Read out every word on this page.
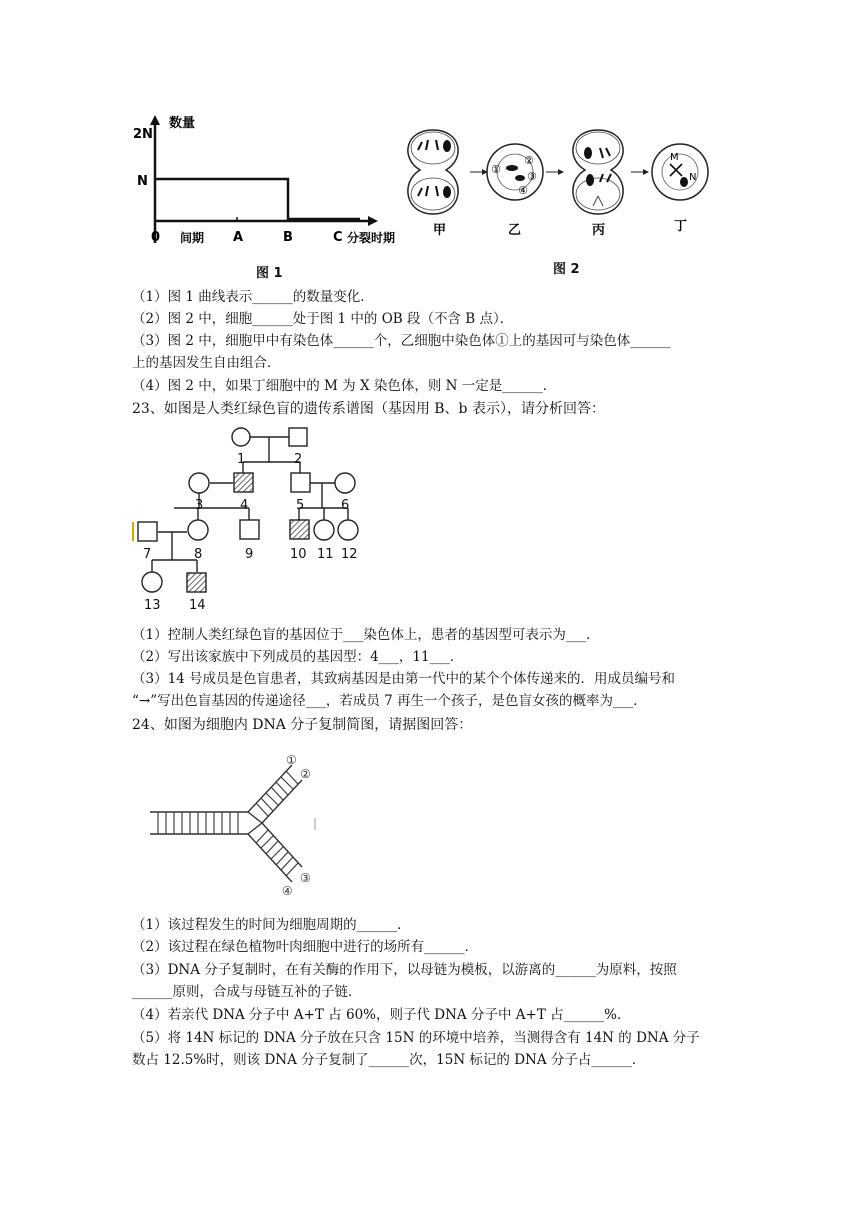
2N
N
数量
0 间期 A	B	C 分裂时期
图 1
①
②
③
④
M
N
甲	乙	丙	丁
图 2
（1）图 1 曲线表示______的数量变化．
（2）图 2 中，细胞______处于图 1 中的 OB 段（不含 B 点）．
（3）图 2 中，细胞甲中有染色体______个，乙细胞中染色体①上的基因可与染色体______
上的基因发生自由组合．
（4）图 2 中，如果丁细胞中的 M 为 X 染色体，则 N 一定是______．
23、如图是人类红绿色盲的遗传系谱图（基因用 B、b 表示），请分析回答：
1	2
3	4	5	6
7	8	9	10 11 12
13 14
（1）控制人类红绿色盲的基因位于___染色体上，患者的基因型可表示为___．
（2）写出该家族中下列成员的基因型：4___，11___．
（3）14 号成员是色盲患者，其致病基因是由第一代中的某个个体传递来的．用成员编号和
“→”写出色盲基因的传递途径___，若成员 7 再生一个孩子，是色盲女孩的概率为___．
24、如图为细胞内 DNA 分子复制简图，请据图回答：
①
②
③
④
（1）该过程发生的时间为细胞周期的______．
（2）该过程在绿色植物叶肉细胞中进行的场所有______．
（3）DNA 分子复制时，在有关酶的作用下，以母链为模板，以游离的______为原料，按照
______原则，合成与母链互补的子链．
（4）若亲代 DNA 分子中 A+T 占 60%，则子代 DNA 分子中 A+T 占______%．
（5）将 14N 标记的 DNA 分子放在只含 15N 的环境中培养，当测得含有 14N 的 DNA 分子
数占 12.5%时，则该 DNA 分子复制了______次，15N 标记的 DNA 分子占______．
